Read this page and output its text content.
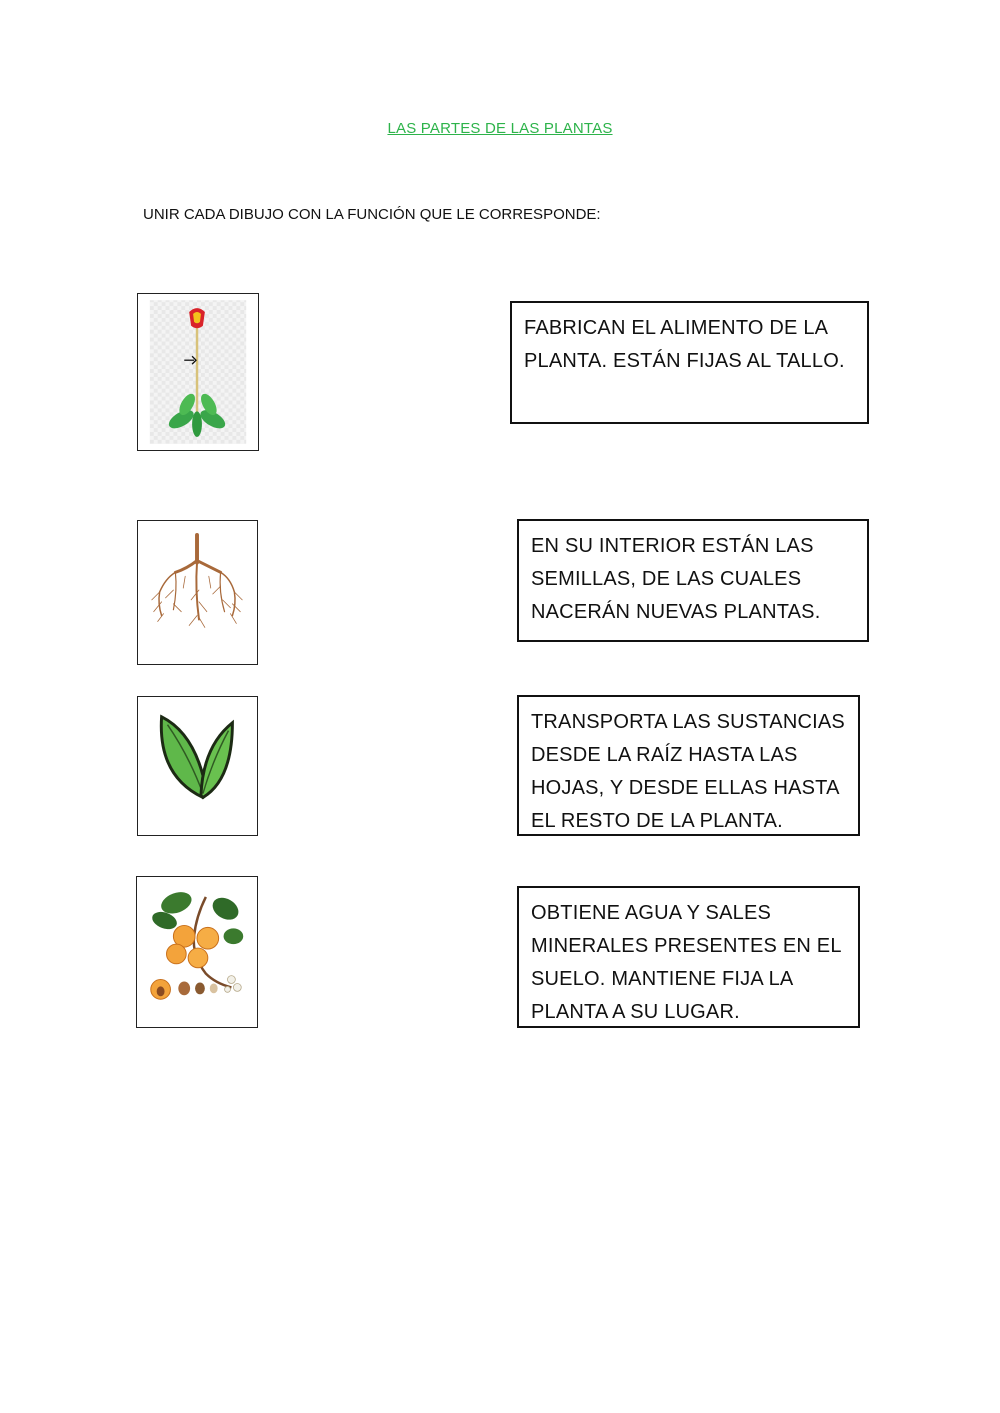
LAS PARTES DE LAS PLANTAS
UNIR CADA DIBUJO CON LA FUNCIÓN QUE LE CORRESPONDE:
FABRICAN EL ALIMENTO DE LA PLANTA. ESTÁN FIJAS AL TALLO.
EN SU INTERIOR ESTÁN LAS SEMILLAS, DE LAS CUALES NACERÁN NUEVAS PLANTAS.
TRANSPORTA LAS SUSTANCIAS DESDE LA RAÍZ HASTA LAS HOJAS, Y DESDE ELLAS HASTA EL RESTO DE LA PLANTA.
OBTIENE AGUA Y SALES MINERALES PRESENTES EN EL SUELO. MANTIENE FIJA LA PLANTA A SU LUGAR.
